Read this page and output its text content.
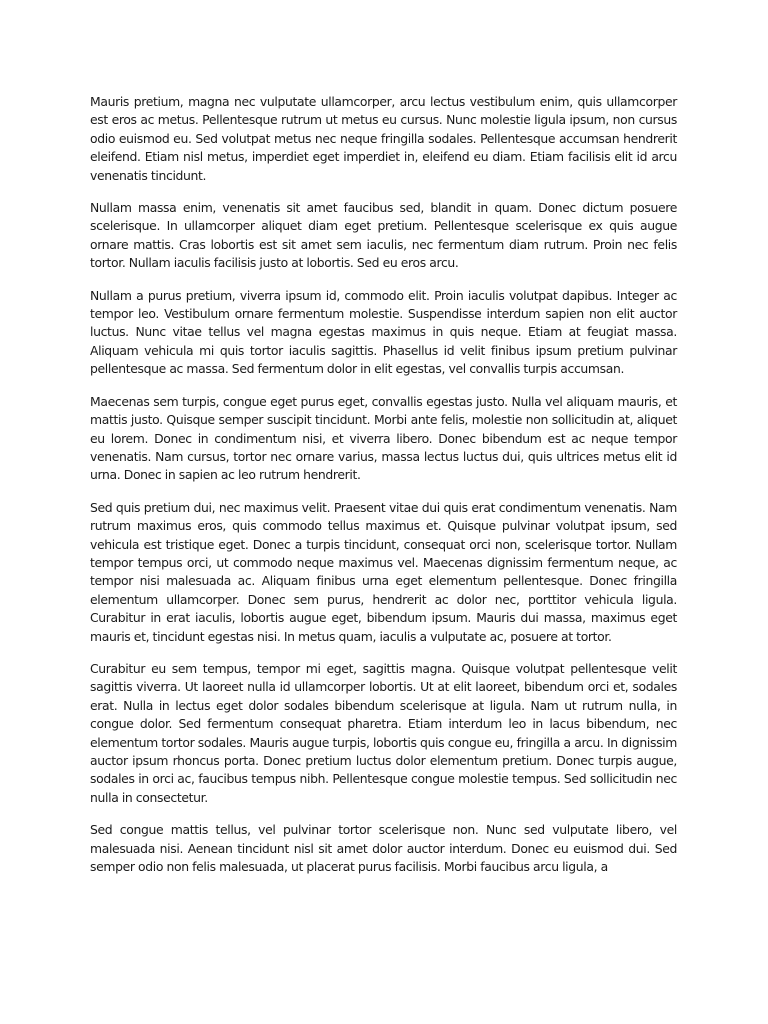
Mauris pretium, magna nec vulputate ullamcorper, arcu lectus vestibulum enim, quis ullamcorper est eros ac metus. Pellentesque rutrum ut metus eu cursus. Nunc molestie ligula ipsum, non cursus odio euismod eu. Sed volutpat metus nec neque fringilla sodales. Pellentesque accumsan hendrerit eleifend. Etiam nisl metus, imperdiet eget imperdiet in, eleifend eu diam. Etiam facilisis elit id arcu venenatis tincidunt.

Nullam massa enim, venenatis sit amet faucibus sed, blandit in quam. Donec dictum posuere scelerisque. In ullamcorper aliquet diam eget pretium. Pellentesque scelerisque ex quis augue ornare mattis. Cras lobortis est sit amet sem iaculis, nec fermentum diam rutrum. Proin nec felis tortor. Nullam iaculis facilisis justo at lobortis. Sed eu eros arcu.

Nullam a purus pretium, viverra ipsum id, commodo elit. Proin iaculis volutpat dapibus. Integer ac tempor leo. Vestibulum ornare fermentum molestie. Suspendisse interdum sapien non elit auctor luctus. Nunc vitae tellus vel magna egestas maximus in quis neque. Etiam at feugiat massa. Aliquam vehicula mi quis tortor iaculis sagittis. Phasellus id velit finibus ipsum pretium pulvinar pellentesque ac massa. Sed fermentum dolor in elit egestas, vel convallis turpis accumsan.

Maecenas sem turpis, congue eget purus eget, convallis egestas justo. Nulla vel aliquam mauris, et mattis justo. Quisque semper suscipit tincidunt. Morbi ante felis, molestie non sollicitudin at, aliquet eu lorem. Donec in condimentum nisi, et viverra libero. Donec bibendum est ac neque tempor venenatis. Nam cursus, tortor nec ornare varius, massa lectus luctus dui, quis ultrices metus elit id urna. Donec in sapien ac leo rutrum hendrerit.

Sed quis pretium dui, nec maximus velit. Praesent vitae dui quis erat condimentum venenatis. Nam rutrum maximus eros, quis commodo tellus maximus et. Quisque pulvinar volutpat ipsum, sed vehicula est tristique eget. Donec a turpis tincidunt, consequat orci non, scelerisque tortor. Nullam tempor tempus orci, ut commodo neque maximus vel. Maecenas dignissim fermentum neque, ac tempor nisi malesuada ac. Aliquam finibus urna eget elementum pellentesque. Donec fringilla elementum ullamcorper. Donec sem purus, hendrerit ac dolor nec, porttitor vehicula ligula. Curabitur in erat iaculis, lobortis augue eget, bibendum ipsum. Mauris dui massa, maximus eget mauris et, tincidunt egestas nisi. In metus quam, iaculis a vulputate ac, posuere at tortor.

Curabitur eu sem tempus, tempor mi eget, sagittis magna. Quisque volutpat pellentesque velit sagittis viverra. Ut laoreet nulla id ullamcorper lobortis. Ut at elit laoreet, bibendum orci et, sodales erat. Nulla in lectus eget dolor sodales bibendum scelerisque at ligula. Nam ut rutrum nulla, in congue dolor. Sed fermentum consequat pharetra. Etiam interdum leo in lacus bibendum, nec elementum tortor sodales. Mauris augue turpis, lobortis quis congue eu, fringilla a arcu. In dignissim auctor ipsum rhoncus porta. Donec pretium luctus dolor elementum pretium. Donec turpis augue, sodales in orci ac, faucibus tempus nibh. Pellentesque congue molestie tempus. Sed sollicitudin nec nulla in consectetur.

Sed congue mattis tellus, vel pulvinar tortor scelerisque non. Nunc sed vulputate libero, vel malesuada nisi. Aenean tincidunt nisl sit amet dolor auctor interdum. Donec eu euismod dui. Sed semper odio non felis malesuada, ut placerat purus facilisis. Morbi faucibus arcu ligula, a
